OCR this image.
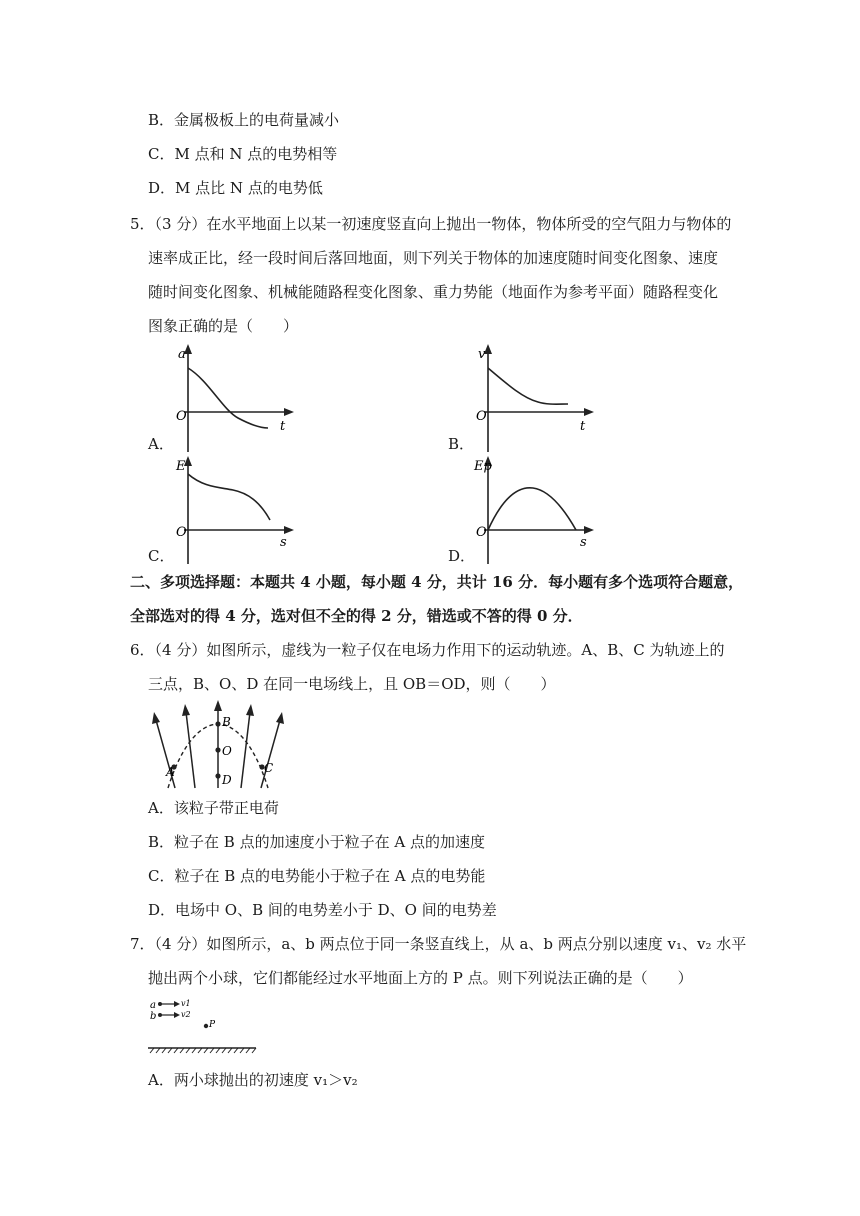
B．金属极板上的电荷量减小
C．M 点和 N 点的电势相等
D．M 点比 N 点的电势低
5．（3 分）在水平地面上以某一初速度竖直向上抛出一物体，物体所受的空气阻力与物体的
速率成正比，经一段时间后落回地面，则下列关于物体的加速度随时间变化图象、速度
随时间变化图象、机械能随路程变化图象、重力势能（地面作为参考平面）随路程变化
图象正确的是（　　）
A．
a
O
t
B．
v
O
t
C．
E
O
s
D．
Ep
O
s
二、多项选择题：本题共 4 小题，每小题 4 分，共计 16 分．每小题有多个选项符合题意，
全部选对的得 4 分，选对但不全的得 2 分，错选或不答的得 0 分．
6．（4 分）如图所示，虚线为一粒子仅在电场力作用下的运动轨迹。A、B、C 为轨迹上的
三点，B、O、D 在同一电场线上，且 OB＝OD，则（　　）
A
B
O
D
C
A．该粒子带正电荷
B．粒子在 B 点的加速度小于粒子在 A 点的加速度
C．粒子在 B 点的电势能小于粒子在 A 点的电势能
D．电场中 O、B 间的电势差小于 D、O 间的电势差
7．（4 分）如图所示，a、b 两点位于同一条竖直线上，从 a、b 两点分别以速度 v₁、v₂ 水平
抛出两个小球，它们都能经过水平地面上方的 P 点。则下列说法正确的是（　　）
a	v1
b	v2
P
A．两小球抛出的初速度 v₁＞v₂
